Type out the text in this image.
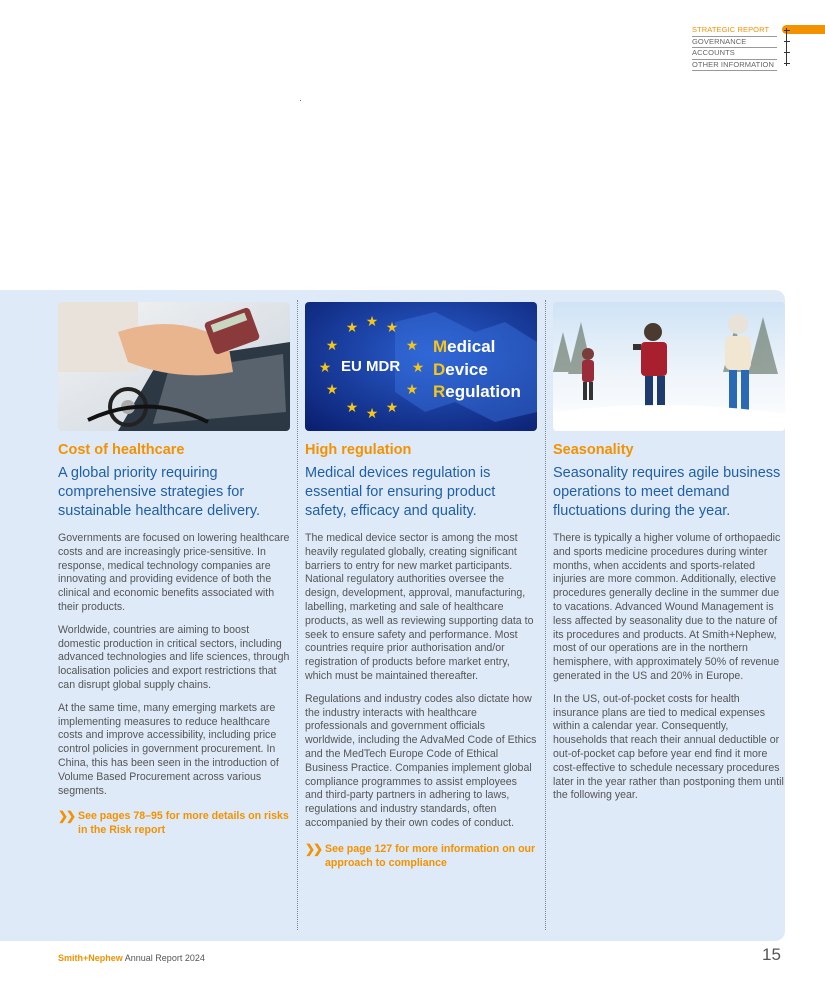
STRATEGIC REPORT
GOVERNANCE
ACCOUNTS
OTHER INFORMATION
Cost of healthcare
A global priority requiring comprehensive strategies for sustainable healthcare delivery.

Governments are focused on lowering healthcare costs and are increasingly price-sensitive. In response, medical technology companies are innovating and providing evidence of both the clinical and economic benefits associated with their products.

Worldwide, countries are aiming to boost domestic production in critical sectors, including advanced technologies and life sciences, through localisation policies and export restrictions that can disrupt global supply chains.

At the same time, many emerging markets are implementing measures to reduce healthcare costs and improve accessibility, including price control policies in government procurement. In China, this has been seen in the introduction of Volume Based Procurement across various segments.

❯❯ See pages 78–95 for more details on risks in the Risk report
★
★ ★
★
★
★
★ ★ ★
★
★
★
EU MDR
Medical
Device
Regulation
High regulation
Medical devices regulation is essential for ensuring product safety, efficacy and quality.

The medical device sector is among the most heavily regulated globally, creating significant barriers to entry for new market participants. National regulatory authorities oversee the design, development, approval, manufacturing, labelling, marketing and sale of healthcare products, as well as reviewing supporting data to seek to ensure safety and performance. Most countries require prior authorisation and/or registration of products before market entry, which must be maintained thereafter.

Regulations and industry codes also dictate how the industry interacts with healthcare professionals and government officials worldwide, including the AdvaMed Code of Ethics and the MedTech Europe Code of Ethical Business Practice. Companies implement global compliance programmes to assist employees and third-party partners in adhering to laws, regulations and industry standards, often accompanied by their own codes of conduct.

❯❯ See page 127 for more information on our approach to compliance
Seasonality
Seasonality requires agile business operations to meet demand fluctuations during the year.

There is typically a higher volume of orthopaedic and sports medicine procedures during winter months, when accidents and sports-related injuries are more common. Additionally, elective procedures generally decline in the summer due to vacations. Advanced Wound Management is less affected by seasonality due to the nature of its procedures and products. At Smith+Nephew, most of our operations are in the northern hemisphere, with approximately 50% of revenue generated in the US and 20% in Europe.

In the US, out-of-pocket costs for health insurance plans are tied to medical expenses within a calendar year. Consequently, households that reach their annual deductible or out-of-pocket cap before year end find it more cost-effective to schedule necessary procedures later in the year rather than postponing them until the following year.

Smith+Nephew Annual Report 2024	15
